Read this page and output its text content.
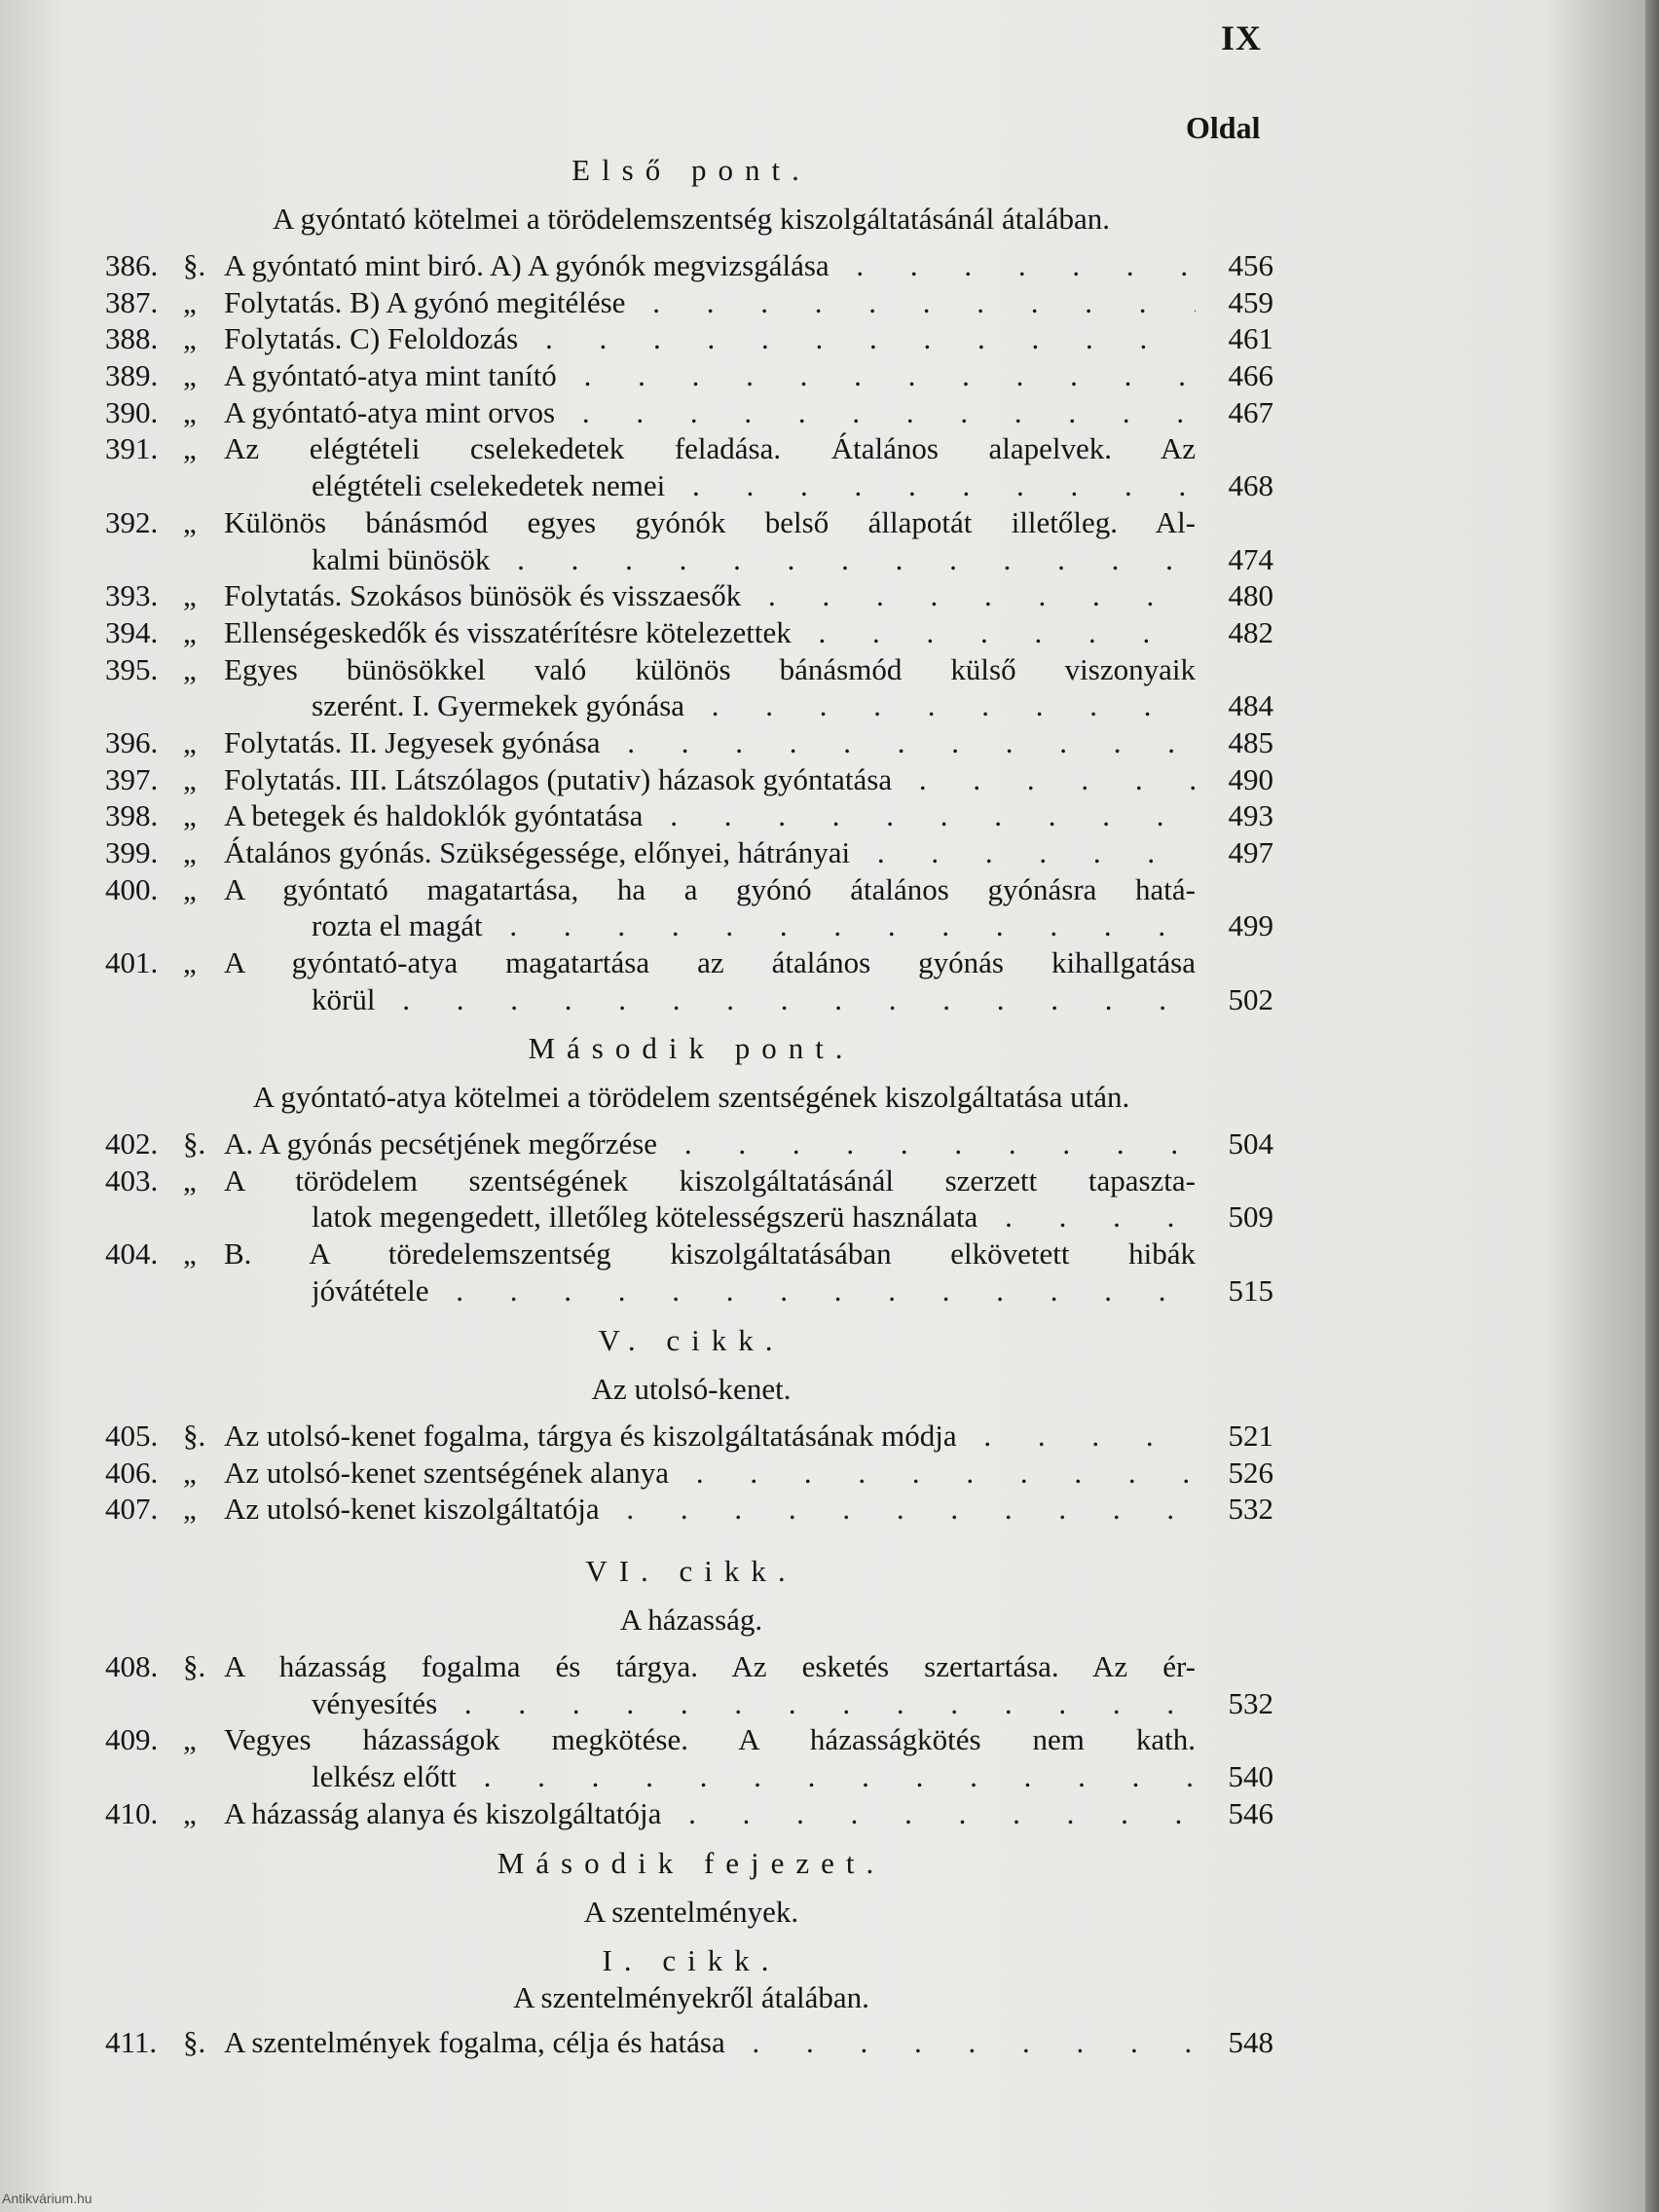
IX
Oldal
Első pont.
A gyóntató kötelmei a törödelemszentség kiszolgáltatásánál átalában.
386. §. A gyóntató mint biró. A) A gyónók megvizsgálása . . .	456
387. „ Folytatás. B) A gyónó megitélése . . .	459
388. „ Folytatás. C) Feloldozás . . .	461
389. „ A gyóntató-atya mint tanító . . .	466
390. „ A gyóntató-atya mint orvos . . .	467
391. „ Az elégtételi cselekedetek feladása. Átalános alapelvek. Az
elégtételi cselekedetek nemei . . .	468
392. „ Különös bánásmód egyes gyónók belső állapotát illetőleg. Al-
kalmi bünösök . . .	474
393. „ Folytatás. Szokásos bünösök és visszaesők . . .	480
394. „ Ellenségeskedők és visszatérítésre kötelezettek . . .	482
395. „ Egyes bünösökkel való különös bánásmód külső viszonyaik
szerént. I. Gyermekek gyónása . . .	484
396. „ Folytatás. II. Jegyesek gyónása . . .	485
397. „ Folytatás. III. Látszólagos (putativ) házasok gyóntatása . . .	490
398. „ A betegek és haldoklók gyóntatása . . .	493
399. „ Átalános gyónás. Szükségessége, előnyei, hátrányai . . .	497
400. „ A gyóntató magatartása, ha a gyónó átalános gyónásra hatá-
rozta el magát . . .	499
401. „ A gyóntató-atya magatartása az átalános gyónás kihallgatása
körül . . .	502
Második pont.
A gyóntató-atya kötelmei a törödelem szentségének kiszolgáltatása után.
402. §. A. A gyónás pecsétjének megőrzése . . .	504
403. „ A törödelem szentségének kiszolgáltatásánál szerzett tapaszta-
latok megengedett, illetőleg kötelességszerü használata . . .	509
404. „ B. A töredelemszentség kiszolgáltatásában elkövetett hibák
jóvátétele . . .	515
V. cikk.
Az utolsó-kenet.
405. §. Az utolsó-kenet fogalma, tárgya és kiszolgáltatásának módja . . .	521
406. „ Az utolsó-kenet szentségének alanya . . .	526
407. „ Az utolsó-kenet kiszolgáltatója . . .	532
VI. cikk.
A házasság.
408. §. A házasság fogalma és tárgya. Az esketés szertartása. Az ér-
vényesítés . . .	532
409. „ Vegyes házasságok megkötése. A házasságkötés nem kath.
lelkész előtt . . .	540
410. „ A házasság alanya és kiszolgáltatója . . .	546
Második fejezet.
A szentelmények.
I. cikk.
A szentelményekről átalában.
411. §. A szentelmények fogalma, célja és hatása . . .	548
Antikvárium.hu
